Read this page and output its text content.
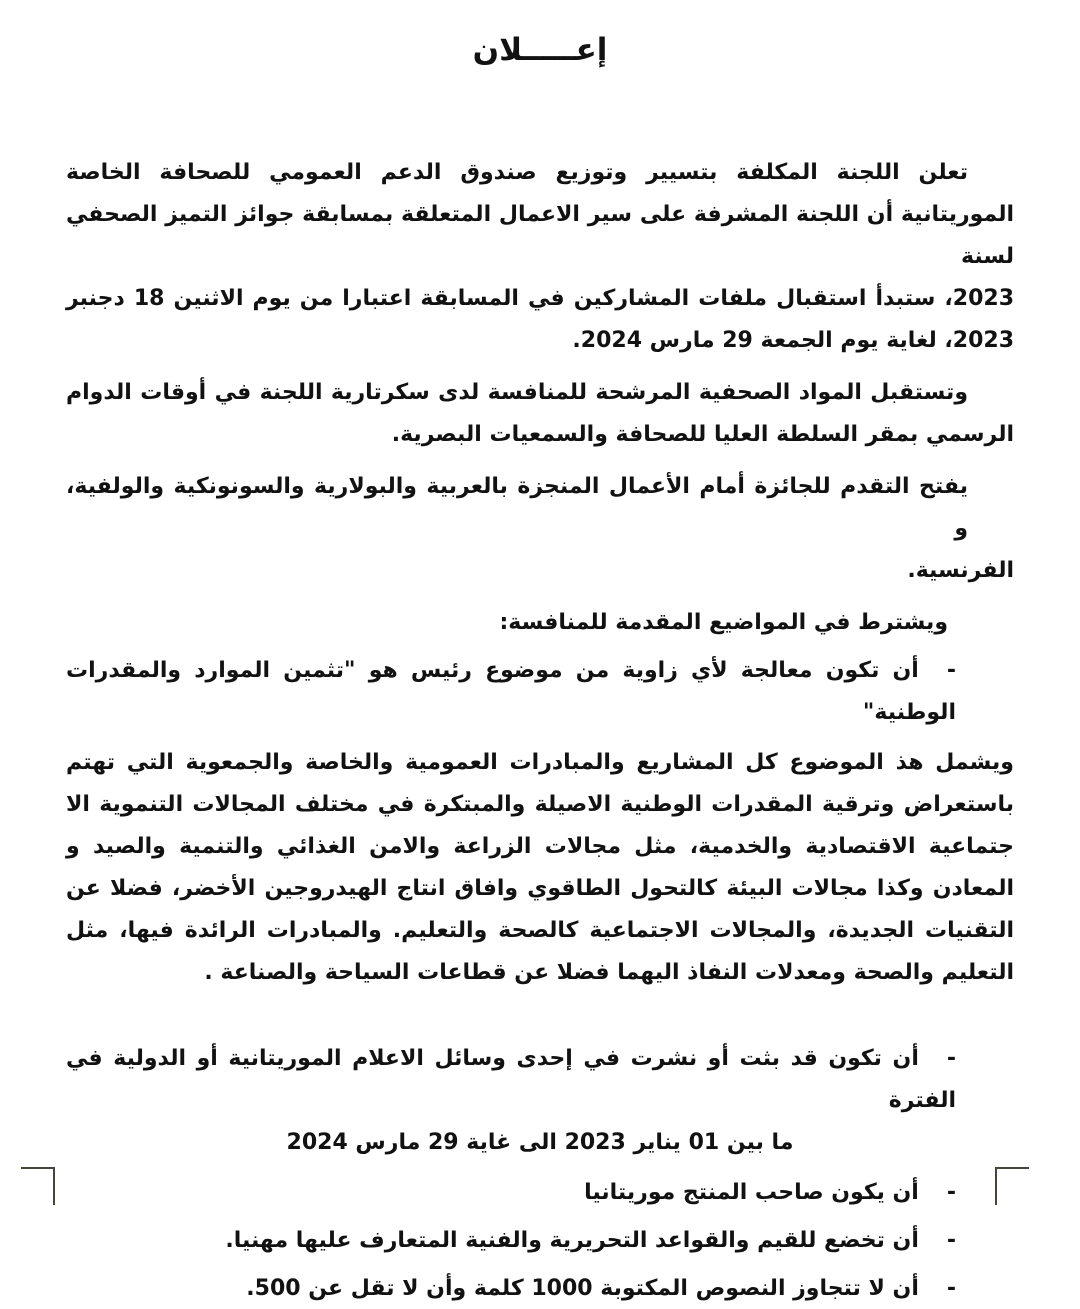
إعـــــلان
تعلن اللجنة المكلفة بتسيير وتوزيع صندوق الدعم العمومي للصحافة الخاصة
الموريتانية أن اللجنة المشرفة على سير الاعمال المتعلقة بمسابقة جوائز التميز الصحفي لسنة
2023، ستبدأ استقبال ملفات المشاركين في المسابقة اعتبارا من يوم الاثنين 18 دجنبر
2023، لغاية يوم الجمعة 29 مارس 2024.
وتستقبل المواد الصحفية المرشحة للمنافسة لدى سكرتارية اللجنة في أوقات الدوام
الرسمي بمقر السلطة العليا للصحافة والسمعيات البصرية.
يفتح التقدم للجائزة أمام الأعمال المنجزة بالعربية والبولارية والسونونكية والولفية، و
الفرنسية.
ويشترط في المواضيع المقدمة للمنافسة:
-أن تكون معالجة لأي زاوية من موضوع رئيس هو "تثمين الموارد والمقدرات الوطنية"
ويشمل هذ الموضوع كل المشاريع والمبادرات العمومية والخاصة والجمعوية التي تهتم
باستعراض وترقية المقدرات الوطنية الاصيلة والمبتكرة في مختلف المجالات التنموية الا
جتماعية الاقتصادية والخدمية، مثل مجالات الزراعة والامن الغذائي والتنمية والصيد و
المعادن وكذا مجالات البيئة كالتحول الطاقوي وافاق انتاج الهيدروجين الأخضر، فضلا عن
التقنيات الجديدة، والمجالات الاجتماعية كالصحة والتعليم. والمبادرات الرائدة فيها، مثل
التعليم والصحة ومعدلات النفاذ اليهما فضلا عن قطاعات السياحة والصناعة .
-أن تكون قد بثت أو نشرت في إحدى وسائل الاعلام الموريتانية أو الدولية في الفترة
ما بين 01 يناير 2023 الى غاية 29 مارس 2024
-أن يكون صاحب المنتج موريتانيا
-أن تخضع للقيم والقواعد التحريرية والفنية المتعارف عليها مهنيا.
-أن لا تتجاوز النصوص المكتوبة 1000 كلمة وأن لا تقل عن 500.
